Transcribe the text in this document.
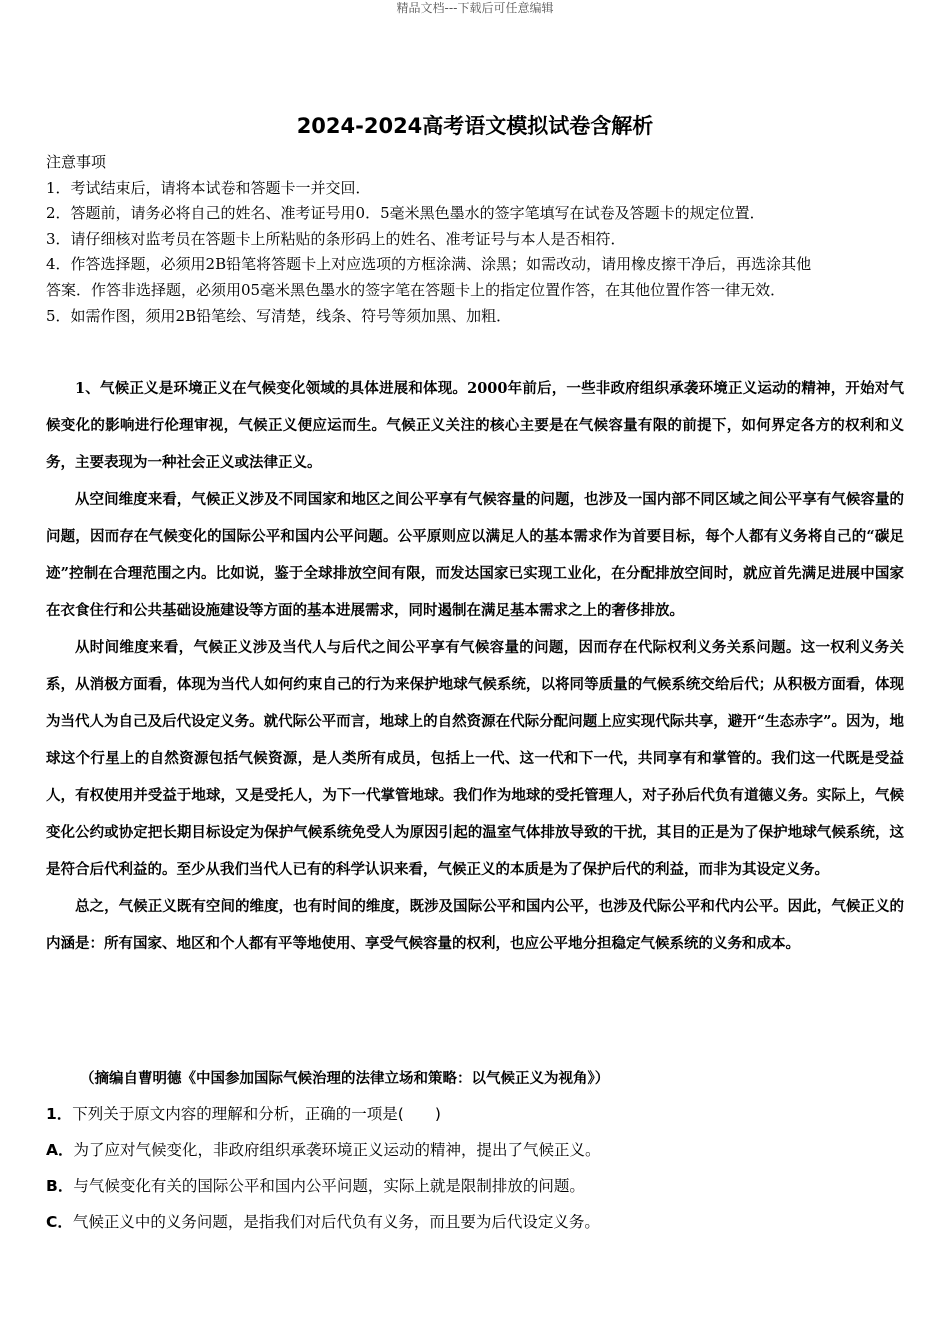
精品文档---下载后可任意编辑
2024-2024高考语文模拟试卷含解析
注意事项
1．考试结束后，请将本试卷和答题卡一并交回．
2．答题前，请务必将自己的姓名、准考证号用0．5毫米黑色墨水的签字笔填写在试卷及答题卡的规定位置．
3．请仔细核对监考员在答题卡上所粘贴的条形码上的姓名、准考证号与本人是否相符．
4．作答选择题，必须用2B铅笔将答题卡上对应选项的方框涂满、涂黑；如需改动，请用橡皮擦干净后，再选涂其他
答案．作答非选择题，必须用05毫米黑色墨水的签字笔在答题卡上的指定位置作答，在其他位置作答一律无效．
5．如需作图，须用2B铅笔绘、写清楚，线条、符号等须加黑、加粗．

1、气候正义是环境正义在气候变化领域的具体进展和体现。2000年前后，一些非政府组织承袭环境正义运动的精神，开始对气候变化的影响进行伦理审视，气候正义便应运而生。气候正义关注的核心主要是在气候容量有限的前提下，如何界定各方的权利和义务，主要表现为一种社会正义或法律正义。

从空间维度来看，气候正义涉及不同国家和地区之间公平享有气候容量的问题，也涉及一国内部不同区域之间公平享有气候容量的问题，因而存在气候变化的国际公平和国内公平问题。公平原则应以满足人的基本需求作为首要目标，每个人都有义务将自己的“碳足迹”控制在合理范围之内。比如说，鉴于全球排放空间有限，而发达国家已实现工业化，在分配排放空间时，就应首先满足进展中国家在衣食住行和公共基础设施建设等方面的基本进展需求，同时遏制在满足基本需求之上的奢侈排放。

从时间维度来看，气候正义涉及当代人与后代之间公平享有气候容量的问题，因而存在代际权利义务关系问题。这一权利义务关系，从消极方面看，体现为当代人如何约束自己的行为来保护地球气候系统，以将同等质量的气候系统交给后代；从积极方面看，体现为当代人为自己及后代设定义务。就代际公平而言，地球上的自然资源在代际分配问题上应实现代际共享，避开“生态赤字”。因为，地球这个行星上的自然资源包括气候资源，是人类所有成员，包括上一代、这一代和下一代，共同享有和掌管的。我们这一代既是受益人，有权使用并受益于地球，又是受托人，为下一代掌管地球。我们作为地球的受托管理人，对子孙后代负有道德义务。实际上，气候变化公约或协定把长期目标设定为保护气候系统免受人为原因引起的温室气体排放导致的干扰，其目的正是为了保护地球气候系统，这是符合后代利益的。至少从我们当代人已有的科学认识来看，气候正义的本质是为了保护后代的利益，而非为其设定义务。

总之，气候正义既有空间的维度，也有时间的维度，既涉及国际公平和国内公平，也涉及代际公平和代内公平。因此，气候正义的内涵是：所有国家、地区和个人都有平等地使用、享受气候容量的权利，也应公平地分担稳定气候系统的义务和成本。

（摘编自曹明德《中国参加国际气候治理的法律立场和策略：以气候正义为视角》）
1．下列关于原文内容的理解和分析，正确的一项是(　　)
A．为了应对气候变化，非政府组织承袭环境正义运动的精神，提出了气候正义。
B．与气候变化有关的国际公平和国内公平问题，实际上就是限制排放的问题。
C．气候正义中的义务问题，是指我们对后代负有义务，而且要为后代设定义务。
